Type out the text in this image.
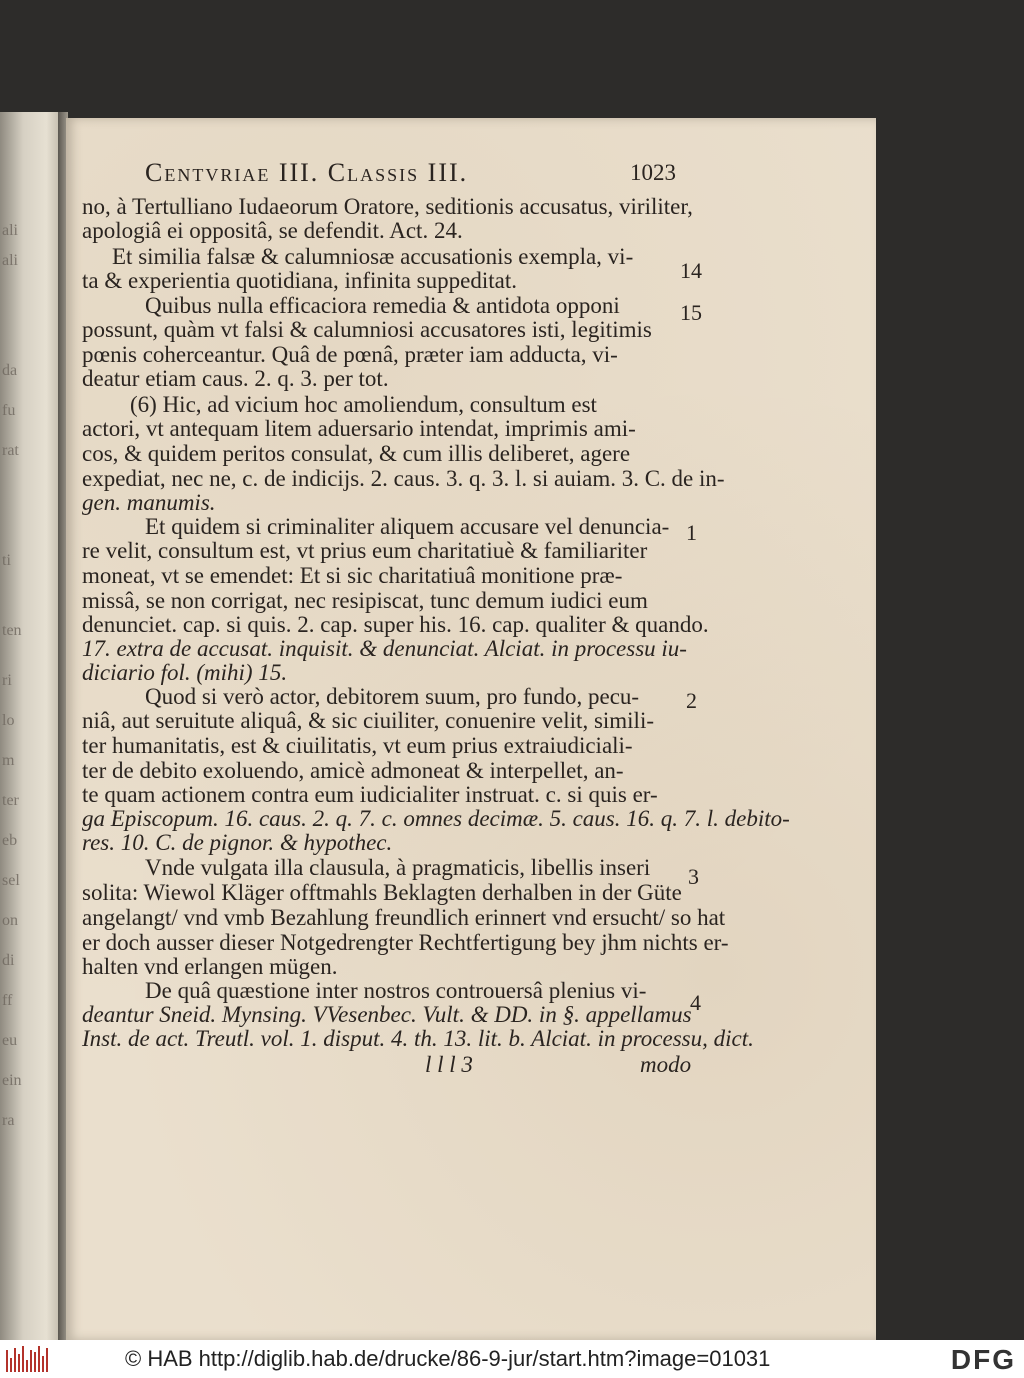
ali
ali
da
fu
rat
ti
ten
ri
lo
m
ter
eb
sel
on
di
ff
eu
ein
ra
Centvriae III. Classis III.	1023
no, à Tertulliano Iudaeorum Oratore, seditionis accusatus, viriliter,
apologiâ ei oppositâ, se defendit. Act. 24.
Et similia falsæ & calumniosæ accusationis exempla, vi-
ta & experientia quotidiana, infinita suppeditat.
Quibus nulla efficaciora remedia & antidota opponi
possunt, quàm vt falsi & calumniosi accusatores isti, legitimis
pœnis coherceantur. Quâ de pœnâ, præter iam adducta, vi-
deatur etiam caus. 2. q. 3. per tot.
(6) Hic, ad vicium hoc amoliendum, consultum est
actori, vt antequam litem aduersario intendat, imprimis ami-
cos, & quidem peritos consulat, & cum illis deliberet, agere
expediat, nec ne, c. de indicijs. 2. caus. 3. q. 3. l. si auiam. 3. C. de in-
gen. manumis.
Et quidem si criminaliter aliquem accusare vel denuncia-
re velit, consultum est, vt prius eum charitatiuè & familiariter
moneat, vt se emendet: Et si sic charitatiuâ monitione præ-
missâ, se non corrigat, nec resipiscat, tunc demum iudici eum
denunciet. cap. si quis. 2. cap. super his. 16. cap. qualiter & quando.
17. extra de accusat. inquisit. & denunciat. Alciat. in processu iu-
diciario fol. (mihi) 15.
Quod si verò actor, debitorem suum, pro fundo, pecu-
niâ, aut seruitute aliquâ, & sic ciuiliter, conuenire velit, simili-
ter humanitatis, est & ciuilitatis, vt eum prius extraiudiciali-
ter de debito exoluendo, amicè admoneat & interpellet, an-
te quam actionem contra eum iudicialiter instruat. c. si quis er-
ga Episcopum. 16. caus. 2. q. 7. c. omnes decimæ. 5. caus. 16. q. 7. l. debito-
res. 10. C. de pignor. & hypothec.
Vnde vulgata illa clausula, à pragmaticis, libellis inseri
solita: Wiewol Kläger offtmahls Beklagten derhalben in der Güte
angelangt/ vnd vmb Bezahlung freundlich erinnert vnd ersucht/ so hat
er doch ausser dieser Notgedrengter Rechtfertigung bey jhm nichts er-
halten vnd erlangen mügen.
De quâ quæstione inter nostros controuersâ plenius vi-
deantur Sneid. Mynsing. VVesenbec. Vult. & DD. in §. appellamus
Inst. de act. Treutl. vol. 1. disput. 4. th. 13. lit. b. Alciat. in processu, dict.
l l l 3	modo
14
15
1
2
3
4
© HAB http://diglib.hab.de/drucke/86-9-jur/start.htm?image=01031	DFG
